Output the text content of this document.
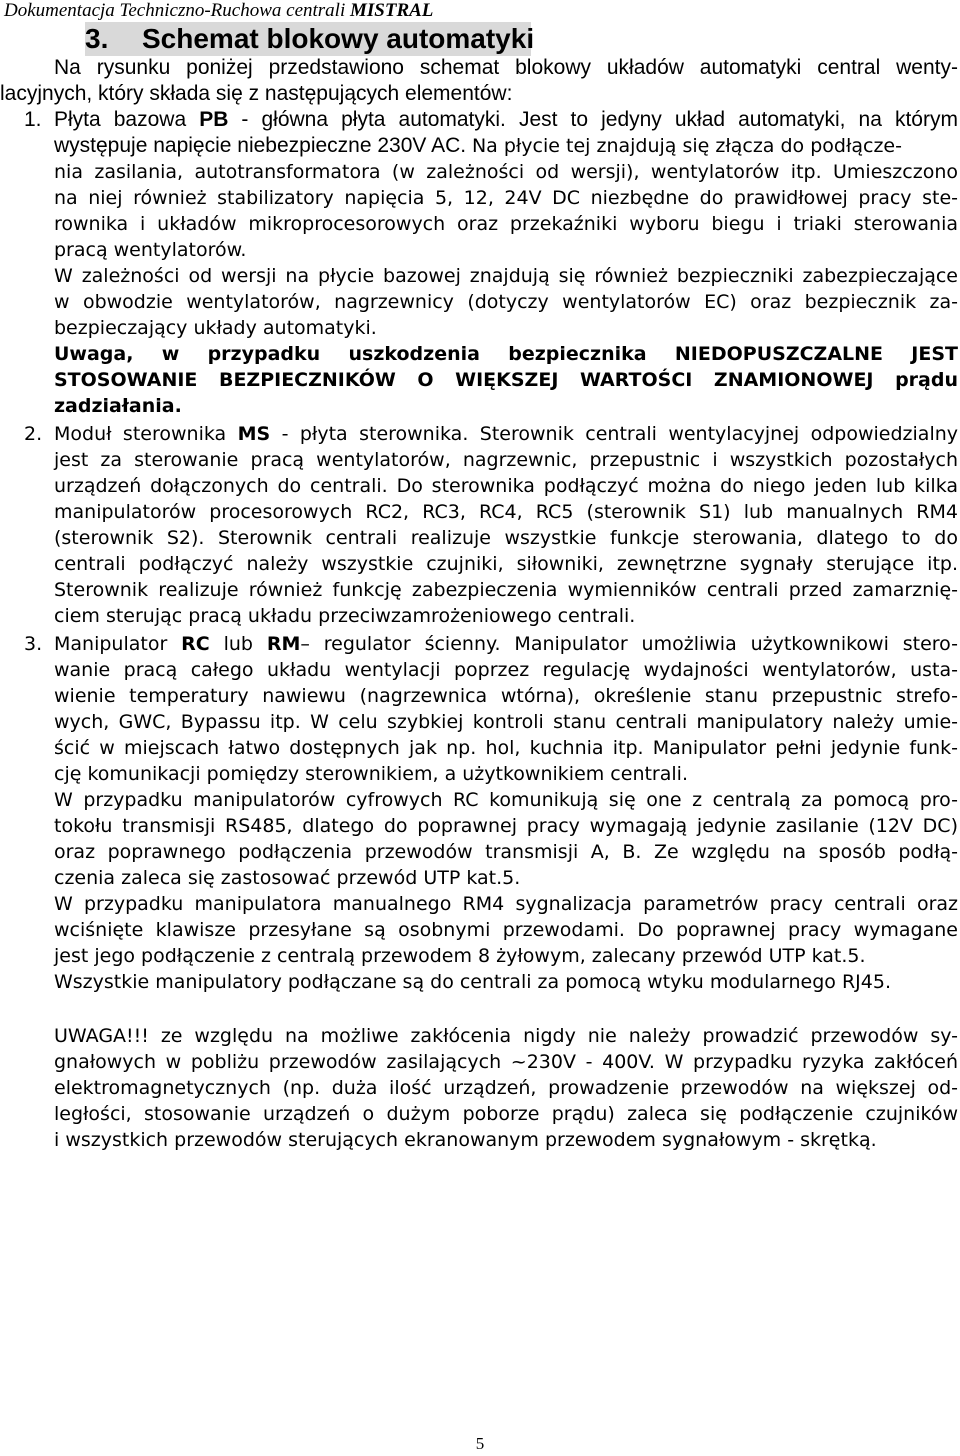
Dokumentacja Techniczno-Ruchowa centrali MISTRAL
3. Schemat blokowy automatyki
Na rysunku poniżej przedstawiono schemat blokowy układów automatyki central wenty-
lacyjnych, który składa się z następujących elementów:
1. Płyta bazowa PB - główna płyta automatyki. Jest to jedyny układ automatyki, na którym
występuje napięcie niebezpieczne 230V AC. Na płycie tej znajdują się złącza do podłącze-
nia zasilania, autotransformatora (w zależności od wersji), wentylatorów itp. Umieszczono
na niej również stabilizatory napięcia 5, 12, 24V DC niezbędne do prawidłowej pracy ste-
rownika i układów mikroprocesorowych oraz przekaźniki wyboru biegu i triaki sterowania
pracą wentylatorów.
W zależności od wersji na płycie bazowej znajdują się również bezpieczniki zabezpieczające
w obwodzie wentylatorów, nagrzewnicy (dotyczy wentylatorów EC) oraz bezpiecznik za-
bezpieczający układy automatyki.
Uwaga, w przypadku uszkodzenia bezpiecznika NIEDOPUSZCZALNE JEST
STOSOWANIE BEZPIECZNIKÓW O WIĘKSZEJ WARTOŚCI ZNAMIONOWEJ prądu
zadziałania.
2. Moduł sterownika MS - płyta sterownika. Sterownik centrali wentylacyjnej odpowiedzialny
jest za sterowanie pracą wentylatorów, nagrzewnic, przepustnic i wszystkich pozostałych
urządzeń dołączonych do centrali. Do sterownika podłączyć można do niego jeden lub kilka
manipulatorów procesorowych RC2, RC3, RC4, RC5 (sterownik S1) lub manualnych RM4
(sterownik S2). Sterownik centrali realizuje wszystkie funkcje sterowania, dlatego to do
centrali podłączyć należy wszystkie czujniki, siłowniki, zewnętrzne sygnały sterujące itp.
Sterownik realizuje również funkcję zabezpieczenia wymienników centrali przed zamarznię-
ciem sterując pracą układu przeciwzamrożeniowego centrali.
3. Manipulator RC lub RM– regulator ścienny. Manipulator umożliwia użytkownikowi stero-
wanie pracą całego układu wentylacji poprzez regulację wydajności wentylatorów, usta-
wienie temperatury nawiewu (nagrzewnica wtórna), określenie stanu przepustnic strefo-
wych, GWC, Bypassu itp. W celu szybkiej kontroli stanu centrali manipulatory należy umie-
ścić w miejscach łatwo dostępnych jak np. hol, kuchnia itp. Manipulator pełni jedynie funk-
cję komunikacji pomiędzy sterownikiem, a użytkownikiem centrali.
W przypadku manipulatorów cyfrowych RC komunikują się one z centralą za pomocą pro-
tokołu transmisji RS485, dlatego do poprawnej pracy wymagają jedynie zasilanie (12V DC)
oraz poprawnego podłączenia przewodów transmisji A, B. Ze względu na sposób podłą-
czenia zaleca się zastosować przewód UTP kat.5.
W przypadku manipulatora manualnego RM4 sygnalizacja parametrów pracy centrali oraz
wciśnięte klawisze przesyłane są osobnymi przewodami. Do poprawnej pracy wymagane
jest jego podłączenie z centralą przewodem 8 żyłowym, zalecany przewód UTP kat.5.
Wszystkie manipulatory podłączane są do centrali za pomocą wtyku modularnego RJ45.
UWAGA!!! ze względu na możliwe zakłócenia nigdy nie należy prowadzić przewodów sy-
gnałowych w pobliżu przewodów zasilających ~230V - 400V. W przypadku ryzyka zakłóceń
elektromagnetycznych (np. duża ilość urządzeń, prowadzenie przewodów na większej od-
ległości, stosowanie urządzeń o dużym poborze prądu) zaleca się podłączenie czujników
i wszystkich przewodów sterujących ekranowanym przewodem sygnałowym - skrętką.
5
